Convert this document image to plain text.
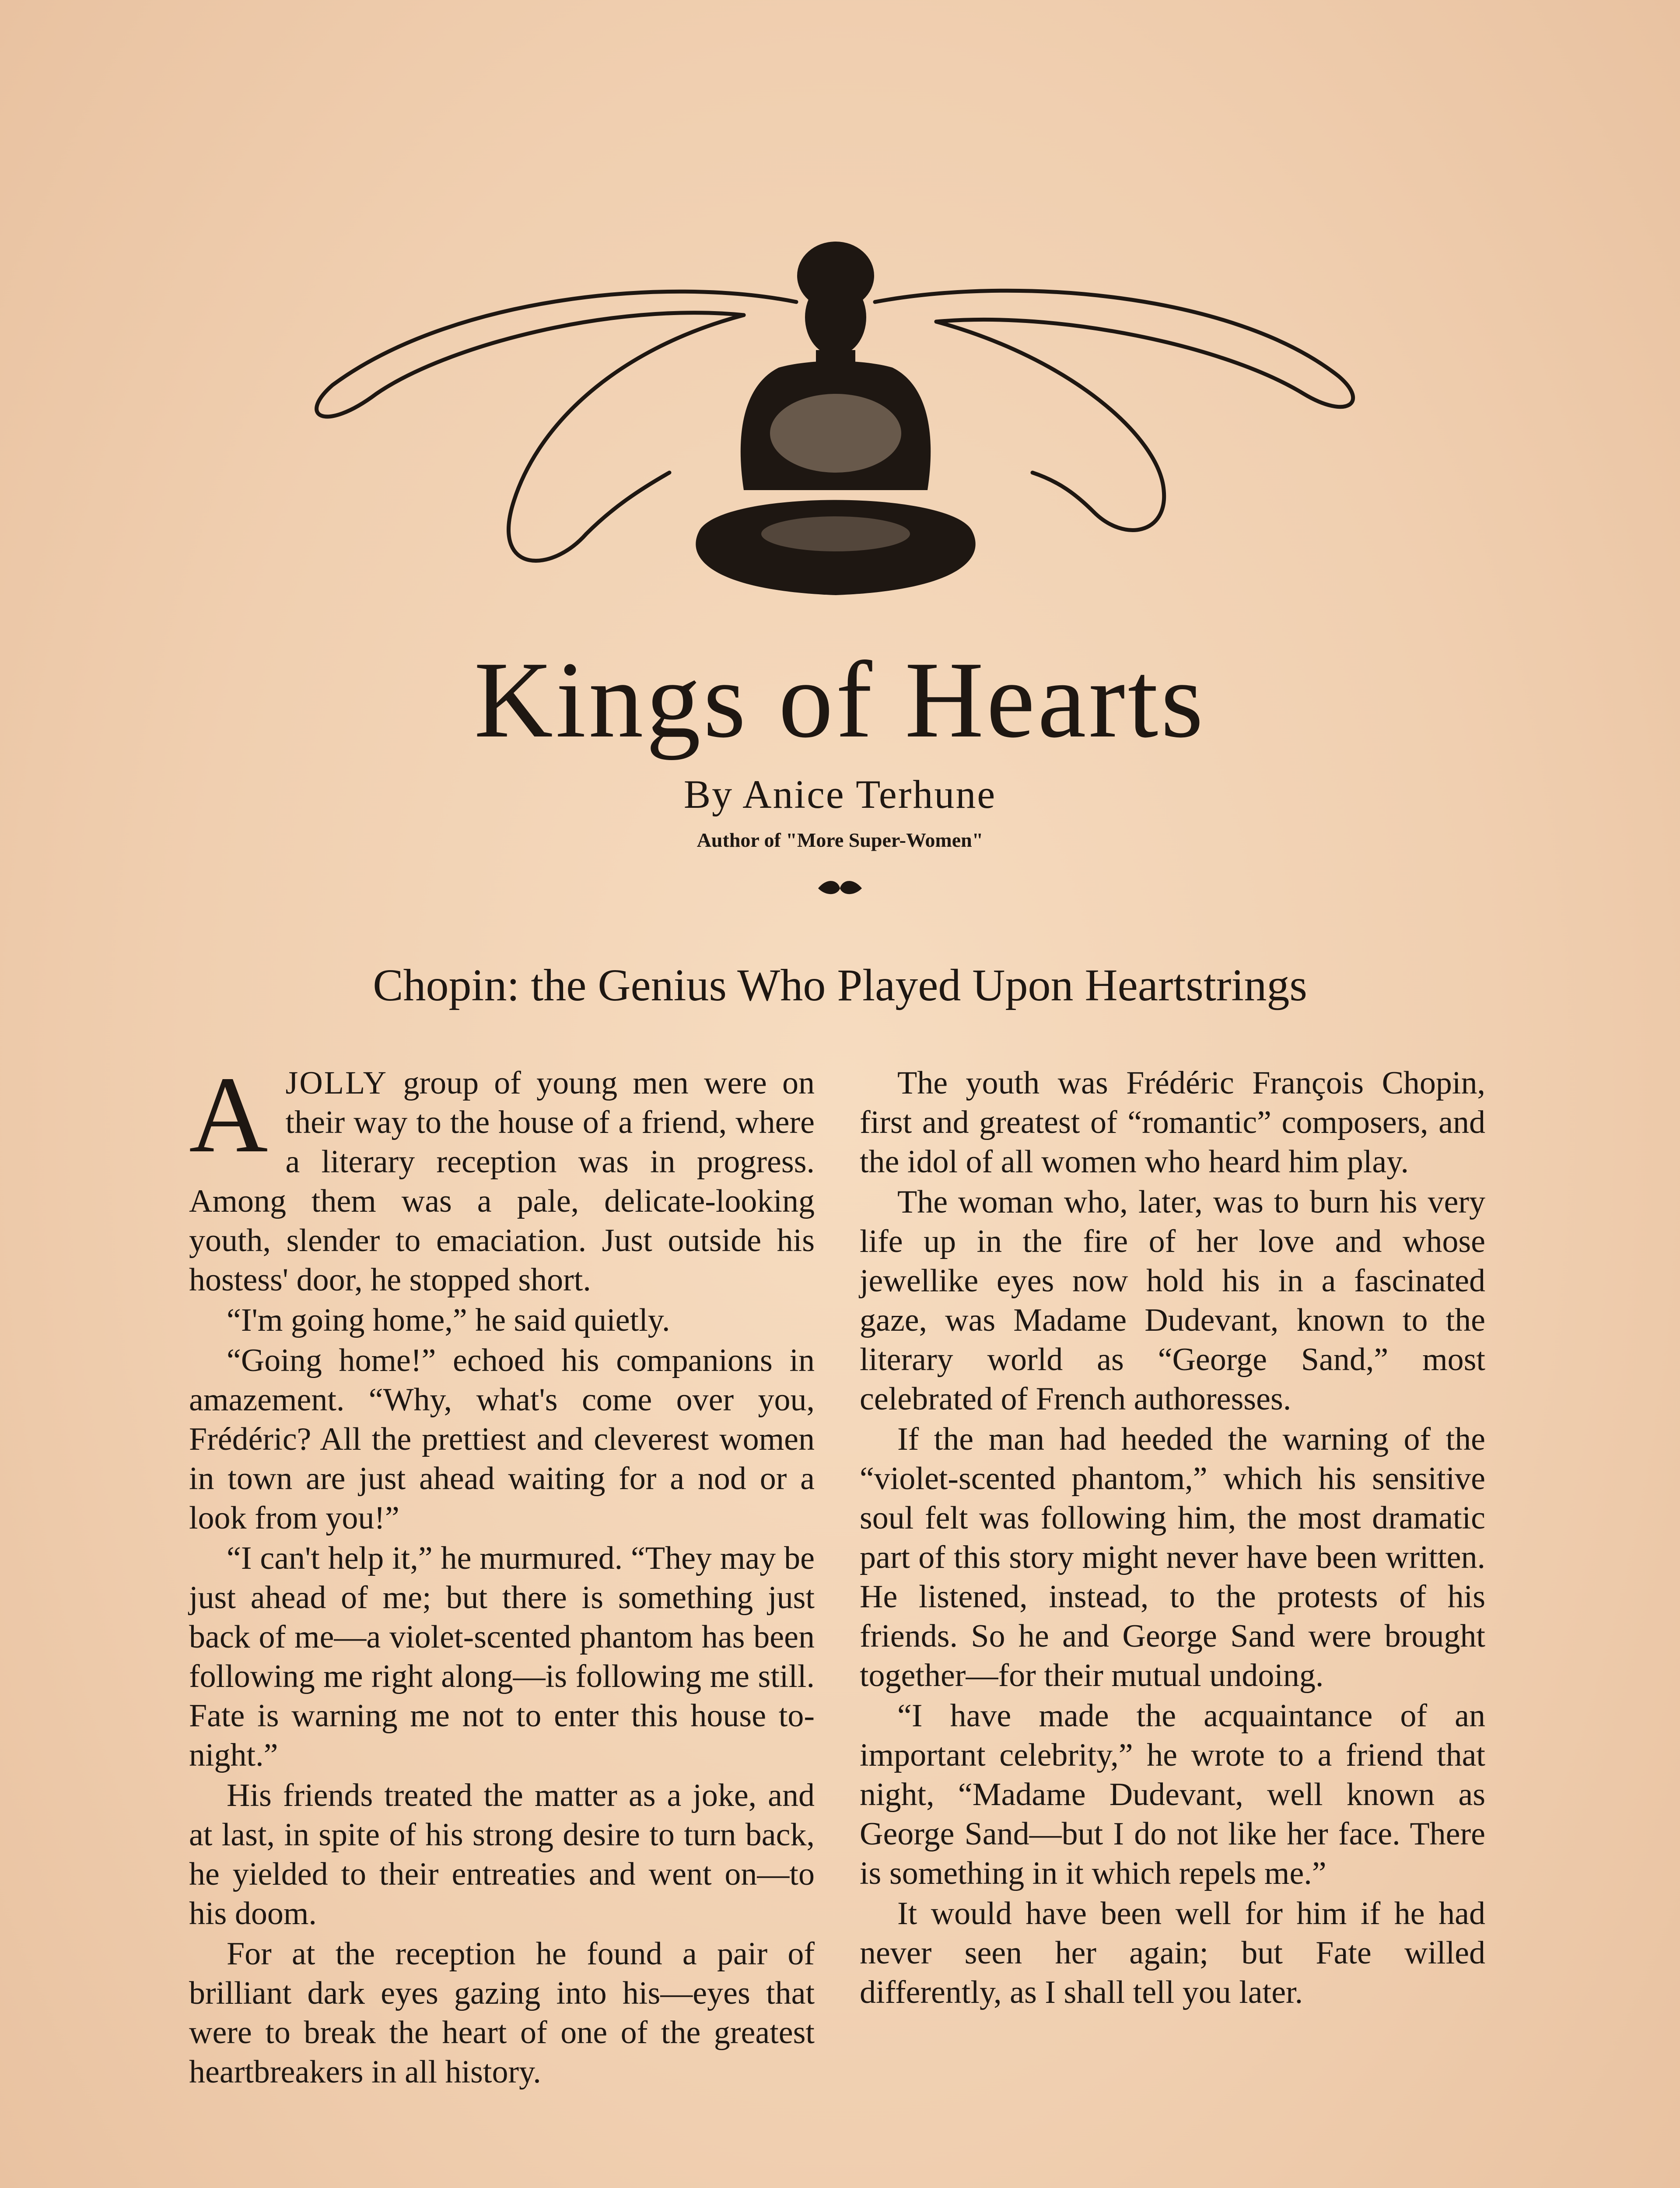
Kings of Hearts
By Anice Terhune
Author of "More Super-Women"
Chopin: the Genius Who Played Upon Heartstrings

AJOLLY group of young men were on their way to the house of a friend, where a literary reception was in progress. Among them was a pale, delicate-looking youth, slender to emaciation. Just outside his hostess' door, he stopped short.

“I'm going home,” he said quietly.

“Going home!” echoed his companions in amazement. “Why, what's come over you, Frédéric? All the prettiest and cleverest women in town are just ahead waiting for a nod or a look from you!”

“I can't help it,” he murmured. “They may be just ahead of me; but there is something just back of me—a violet-scented phantom has been following me right along—is following me still. Fate is warning me not to enter this house to-night.”

His friends treated the matter as a joke, and at last, in spite of his strong desire to turn back, he yielded to their entreaties and went on—to his doom.

For at the reception he found a pair of brilliant dark eyes gazing into his—eyes that were to break the heart of one of the greatest heartbreakers in all history.

The youth was Frédéric François Chopin, first and greatest of “romantic” composers, and the idol of all women who heard him play.

The woman who, later, was to burn his very life up in the fire of her love and whose jewellike eyes now hold his in a fascinated gaze, was Madame Dudevant, known to the literary world as “George Sand,” most celebrated of French authoresses.

If the man had heeded the warning of the “violet-scented phantom,” which his sensitive soul felt was following him, the most dramatic part of this story might never have been written. He listened, instead, to the protests of his friends. So he and George Sand were brought together—for their mutual undoing.

“I have made the acquaintance of an important celebrity,” he wrote to a friend that night, “Madame Dudevant, well known as George Sand—but I do not like her face. There is something in it which repels me.”

It would have been well for him if he had never seen her again; but Fate willed differently, as I shall tell you later.
